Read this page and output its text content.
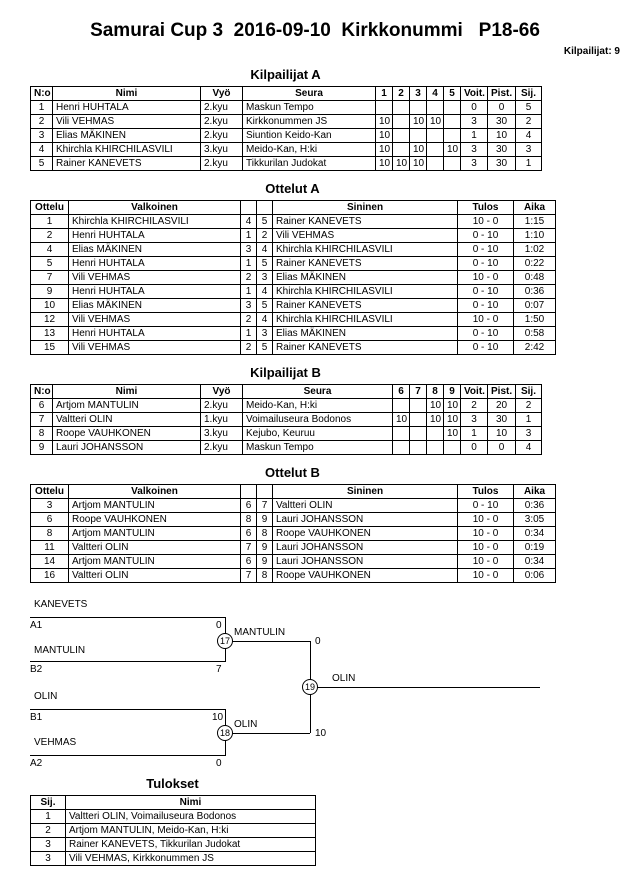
Samurai Cup 3  2016-09-10  Kirkkonummi   P18-66
Kilpailijat: 9
Kilpailijat A
N:o	Nimi	Vyö	Seura	1	2	3	4	5	Voit.	Pist.	Sij.
1	Henri HUHTALA	2.kyu	Maskun Tempo						0	0	5
2	Vili VEHMAS	2.kyu	Kirkkonummen JS	10		10	10		3	30	2
3	Elias MÄKINEN	2.kyu	Siuntion Keido-Kan	10					1	10	4
4	Khirchla KHIRCHILASVILI	3.kyu	Meido-Kan, H:ki	10		10		10	3	30	3
5	Rainer KANEVETS	2.kyu	Tikkurilan Judokat	10	10	10			3	30	1
Ottelut A
Ottelu	Valkoinen			Sininen	Tulos	Aika
1	Khirchla KHIRCHILASVILI	4	5	Rainer KANEVETS	10 - 0	1:15
2	Henri HUHTALA	1	2	Vili VEHMAS	0 - 10	1:10
4	Elias MÄKINEN	3	4	Khirchla KHIRCHILASVILI	0 - 10	1:02
5	Henri HUHTALA	1	5	Rainer KANEVETS	0 - 10	0:22
7	Vili VEHMAS	2	3	Elias MÄKINEN	10 - 0	0:48
9	Henri HUHTALA	1	4	Khirchla KHIRCHILASVILI	0 - 10	0:36
10	Elias MÄKINEN	3	5	Rainer KANEVETS	0 - 10	0:07
12	Vili VEHMAS	2	4	Khirchla KHIRCHILASVILI	10 - 0	1:50
13	Henri HUHTALA	1	3	Elias MÄKINEN	0 - 10	0:58
15	Vili VEHMAS	2	5	Rainer KANEVETS	0 - 10	2:42
Kilpailijat B
N:o	Nimi	Vyö	Seura	6	7	8	9	Voit.	Pist.	Sij.
6	Artjom MANTULIN	2.kyu	Meido-Kan, H:ki			10	10	2	20	2
7	Valtteri OLIN	1.kyu	Voimailuseura Bodonos	10		10	10	3	30	1
8	Roope VAUHKONEN	3.kyu	Kejubo, Keuruu				10	1	10	3
9	Lauri JOHANSSON	2.kyu	Maskun Tempo					0	0	4
Ottelut B
Ottelu	Valkoinen			Sininen	Tulos	Aika
3	Artjom MANTULIN	6	7	Valtteri OLIN	0 - 10	0:36
6	Roope VAUHKONEN	8	9	Lauri JOHANSSON	10 - 0	3:05
8	Artjom MANTULIN	6	8	Roope VAUHKONEN	10 - 0	0:34
11	Valtteri OLIN	7	9	Lauri JOHANSSON	10 - 0	0:19
14	Artjom MANTULIN	6	9	Lauri JOHANSSON	10 - 0	0:34
16	Valtteri OLIN	7	8	Roope VAUHKONEN	10 - 0	0:06
KANEVETS
A1	0
MANTULIN
B2	7
MANTULIN
17	0
OLIN
19
OLIN
B1	10
OLIN
18	10
VEHMAS
A2	0
Tulokset
Sij.	Nimi
1	Valtteri OLIN, Voimailuseura Bodonos
2	Artjom MANTULIN, Meido-Kan, H:ki
3	Rainer KANEVETS, Tikkurilan Judokat
3	Vili VEHMAS, Kirkkonummen JS
